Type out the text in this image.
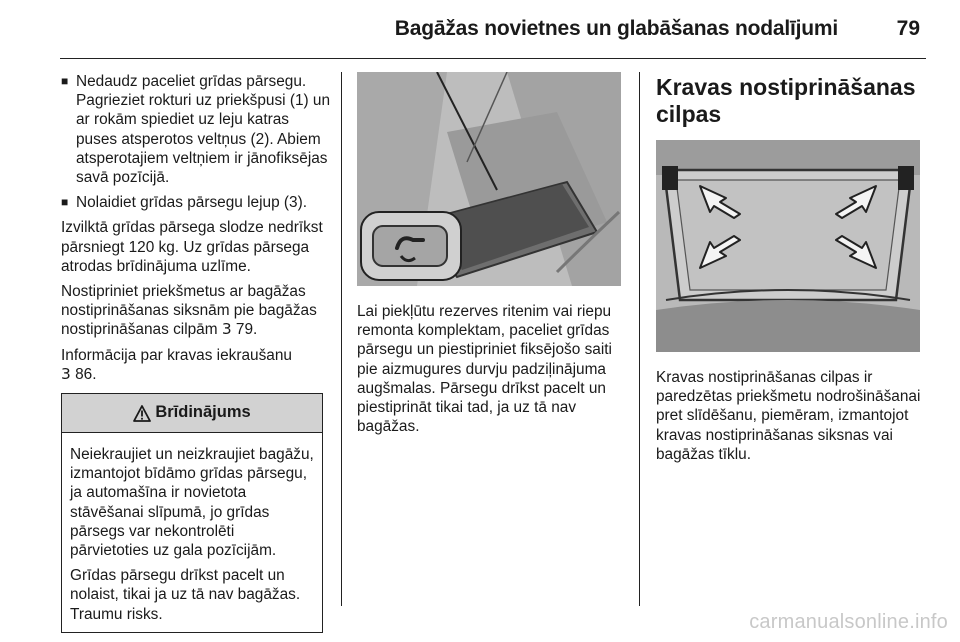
Bagāžas novietnes un glabāšanas nodalījumi	79
■ Nedaudz paceliet grīdas pārsegu. Pagrieziet rokturi uz priekšpusi (1) un ar rokām spiediet uz leju katras puses atsperotos veltņus (2). Abiem atsperotajiem veltņiem ir jānofiksējas savā pozīcijā.
■ Nolaidiet grīdas pārsegu lejup (3).

Izvilktā grīdas pārsega slodze nedrīkst pārsniegt 120 kg. Uz grīdas pārsega atrodas brīdinājuma uzlīme.

Nostipriniet priekšmetus ar bagāžas nostiprināšanas siksnām pie bagāžas nostiprināšanas cilpām 3 79.

Informācija par kravas iekraušanu
3 86.

Brīdinājums

Neiekraujiet un neizkraujiet bagāžu, izmantojot bīdāmo grīdas pārsegu, ja automašīna ir novietota stāvēšanai slīpumā, jo grīdas pārsegs var nekontrolēti pārvietoties uz gala pozīcijām.

Grīdas pārsegu drīkst pacelt un nolaist, tikai ja uz tā nav bagāžas. Traumu risks.

Lai piekļūtu rezerves ritenim vai riepu remonta komplektam, paceliet grīdas pārsegu un piestipriniet fiksējošo saiti pie aizmugures durvju padziļinājuma augšmalas. Pārsegu drīkst pacelt un piestiprināt tikai tad, ja uz tā nav bagāžas.

Kravas nostiprināšanas cilpas

Kravas nostiprināšanas cilpas ir paredzētas priekšmetu nodrošināšanai pret slīdēšanu, piemēram, izmantojot kravas nostiprināšanas siksnas vai bagāžas tīklu.

carmanualsonline.info
